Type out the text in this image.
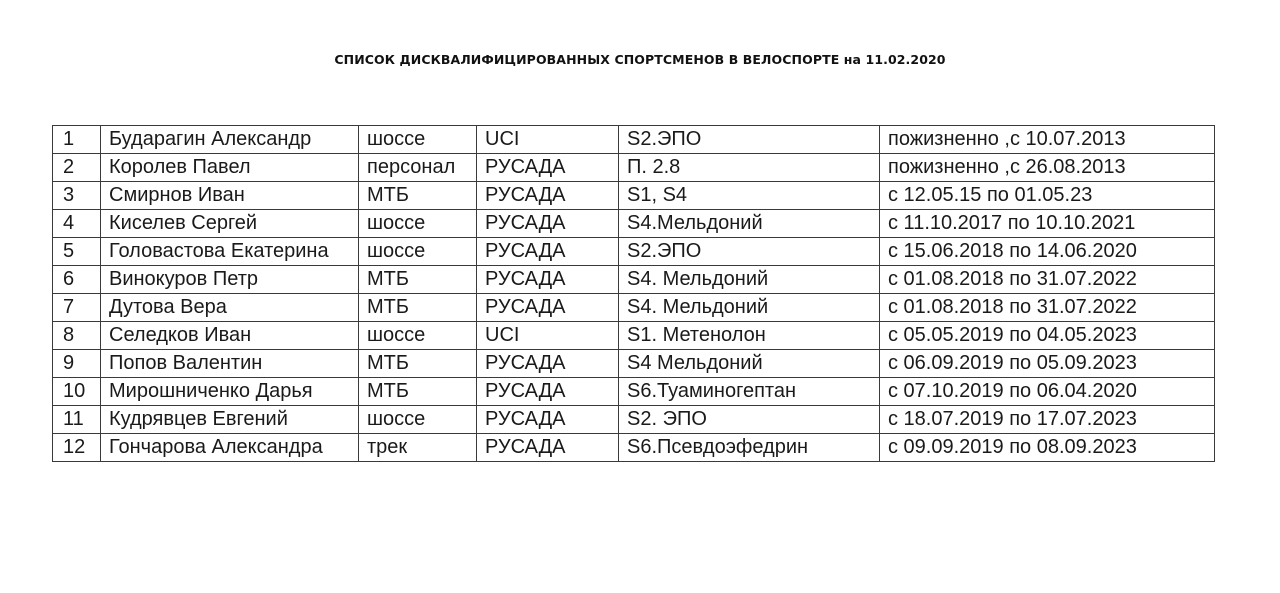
СПИСОК ДИСКВАЛИФИЦИРОВАННЫХ СПОРТСМЕНОВ В ВЕЛОСПОРТЕ на 11.02.2020
1	Бударагин Александр	шоссе	UCI	S2.ЭПО	пожизненно ,с 10.07.2013
2	Королев Павел	персонал	РУСАДА	П. 2.8	пожизненно ,с 26.08.2013
3	Смирнов Иван	МТБ	РУСАДА	S1, S4	с 12.05.15 по 01.05.23
4	Киселев Сергей	шоссе	РУСАДА	S4.Мельдоний	с 11.10.2017 по 10.10.2021
5	Головастова Екатерина	шоссе	РУСАДА	S2.ЭПО	с 15.06.2018 по 14.06.2020
6	Винокуров Петр	МТБ	РУСАДА	S4. Мельдоний	с 01.08.2018 по 31.07.2022
7	Дутова Вера	МТБ	РУСАДА	S4. Мельдоний	с 01.08.2018 по 31.07.2022
8	Селедков Иван	шоссе	UCI	S1. Метенолон	с 05.05.2019 по 04.05.2023
9	Попов Валентин	МТБ	РУСАДА	S4 Мельдоний	с 06.09.2019 по 05.09.2023
10	Мирошниченко Дарья	МТБ	РУСАДА	S6.Туаминогептан	с 07.10.2019 по 06.04.2020
11	Кудрявцев Евгений	шоссе	РУСАДА	S2. ЭПО	с 18.07.2019 по 17.07.2023
12	Гончарова Александра	трек	РУСАДА	S6.Псевдоэфедрин	с 09.09.2019 по 08.09.2023
